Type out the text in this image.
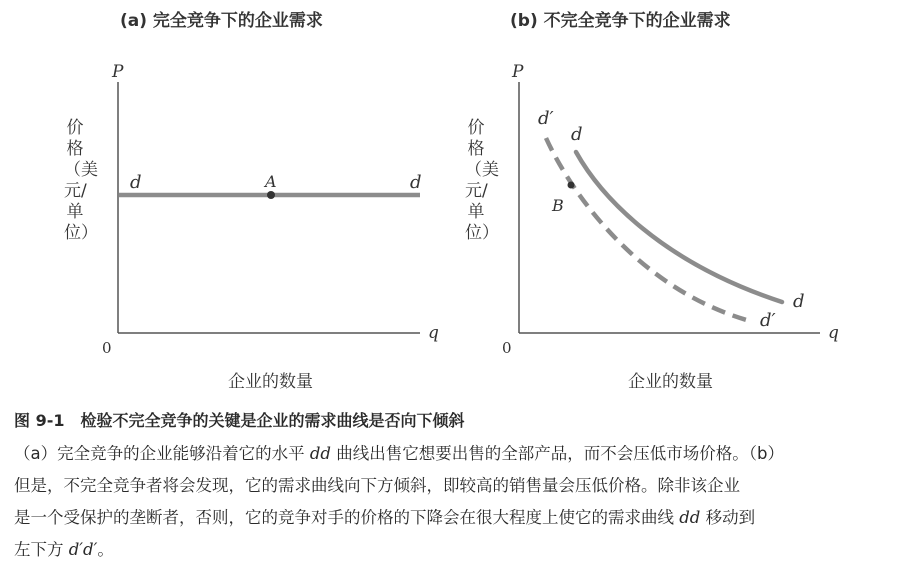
(a) 完全竞争下的企业需求	(b) 不完全竞争下的企业需求
P
q
0
价格（美元/单位）
企业的数量
d	d
A
P
q
0
价格（美元/单位）
企业的数量
d′
d
B
d
d′
图 9-1　检验不完全竞争的关键是企业的需求曲线是否向下倾斜
（a）完全竞争的企业能够沿着它的水平 dd 曲线出售它想要出售的全部产品，而不会压低市场价格。（b）
但是，不完全竞争者将会发现，它的需求曲线向下方倾斜，即较高的销售量会压低价格。除非该企业
是一个受保护的垄断者，否则，它的竞争对手的价格的下降会在很大程度上使它的需求曲线 dd 移动到
左下方 d′d′。
